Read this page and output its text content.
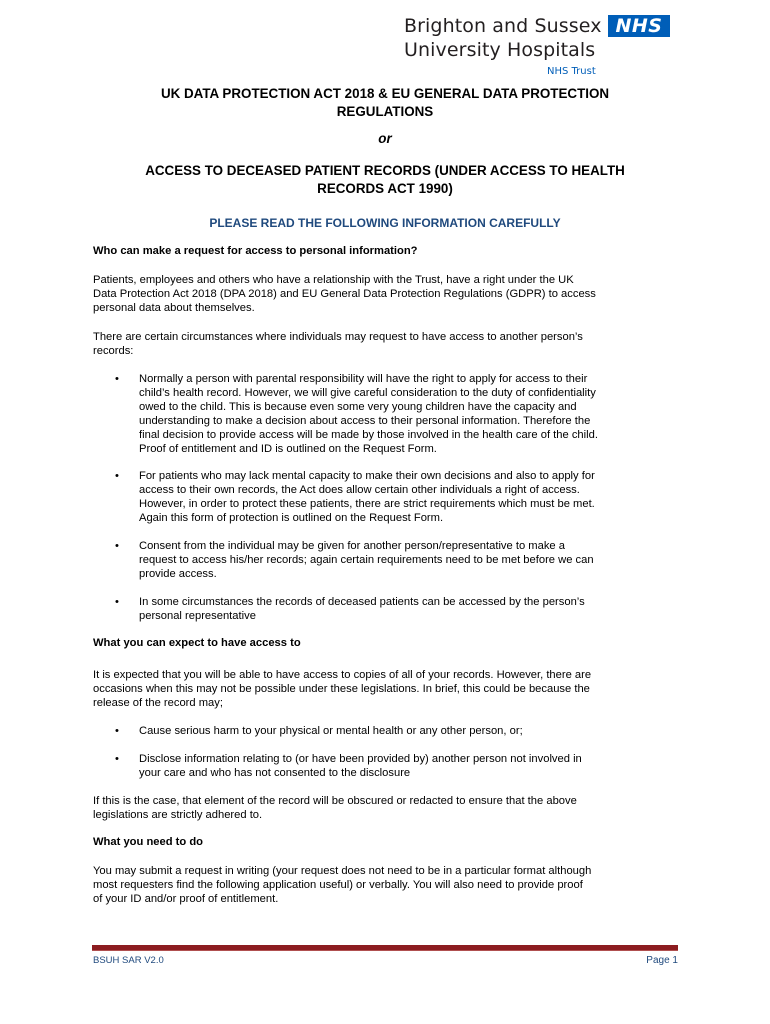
Brighton and Sussex
University Hospitals
NHS
NHS Trust
UK DATA PROTECTION ACT 2018 & EU GENERAL DATA PROTECTION
REGULATIONS
or
ACCESS TO DECEASED PATIENT RECORDS (UNDER ACCESS TO HEALTH
RECORDS ACT 1990)
PLEASE READ THE FOLLOWING INFORMATION CAREFULLY
Who can make a request for access to personal information?
Patients, employees and others who have a relationship with the Trust, have a right under the UK
Data Protection Act 2018 (DPA 2018) and EU General Data Protection Regulations (GDPR) to access
personal data about themselves.
There are certain circumstances where individuals may request to have access to another person’s
records:
• Normally a person with parental responsibility will have the right to apply for access to their
child’s health record. However, we will give careful consideration to the duty of confidentiality
owed to the child. This is because even some very young children have the capacity and
understanding to make a decision about access to their personal information. Therefore the
final decision to provide access will be made by those involved in the health care of the child.
Proof of entitlement and ID is outlined on the Request Form.
• For patients who may lack mental capacity to make their own decisions and also to apply for
access to their own records, the Act does allow certain other individuals a right of access.
However, in order to protect these patients, there are strict requirements which must be met.
Again this form of protection is outlined on the Request Form.
• Consent from the individual may be given for another person/representative to make a
request to access his/her records; again certain requirements need to be met before we can
provide access.
• In some circumstances the records of deceased patients can be accessed by the person’s
personal representative
What you can expect to have access to
It is expected that you will be able to have access to copies of all of your records. However, there are
occasions when this may not be possible under these legislations. In brief, this could be because the
release of the record may;
• Cause serious harm to your physical or mental health or any other person, or;
• Disclose information relating to (or have been provided by) another person not involved in
your care and who has not consented to the disclosure
If this is the case, that element of the record will be obscured or redacted to ensure that the above
legislations are strictly adhered to.
What you need to do
You may submit a request in writing (your request does not need to be in a particular format although
most requesters find the following application useful) or verbally. You will also need to provide proof
of your ID and/or proof of entitlement.
BSUH SAR V2.0	Page 1
